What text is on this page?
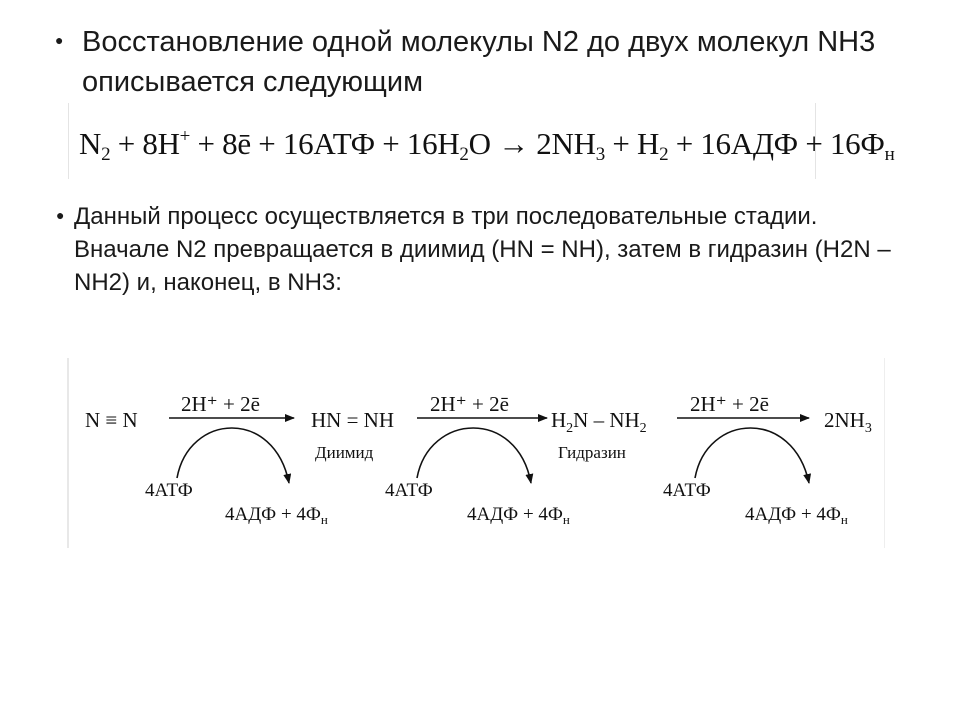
● Восстановление одной молекулы N2 до двух молекул NH3 описывается следующим

$N_2 + 8H^+$ + 8ē + $16АТФ + 16H_2O \to 2NH_3 + H_2 + 16АДФ + 16Ф_н$
● Данный процесс осуществляется в три последовательные стадии. Вначале N2 превращается в диимид (HN = NH), затем в гидразин (H2N – NH2) и, наконец, в NH3:

N ≡ N
2H⁺ + 2ē
4АТФ
$4АДФ + 4Ф_н$
HN = NH
Диимид
2H⁺ + 2ē
4АТФ
$4АДФ + 4Ф_н$
$H_2N - NH_2$
Гидразин
2H⁺ + 2ē
4АТФ
$4АДФ + 4Ф_н$
$2NH_3$
